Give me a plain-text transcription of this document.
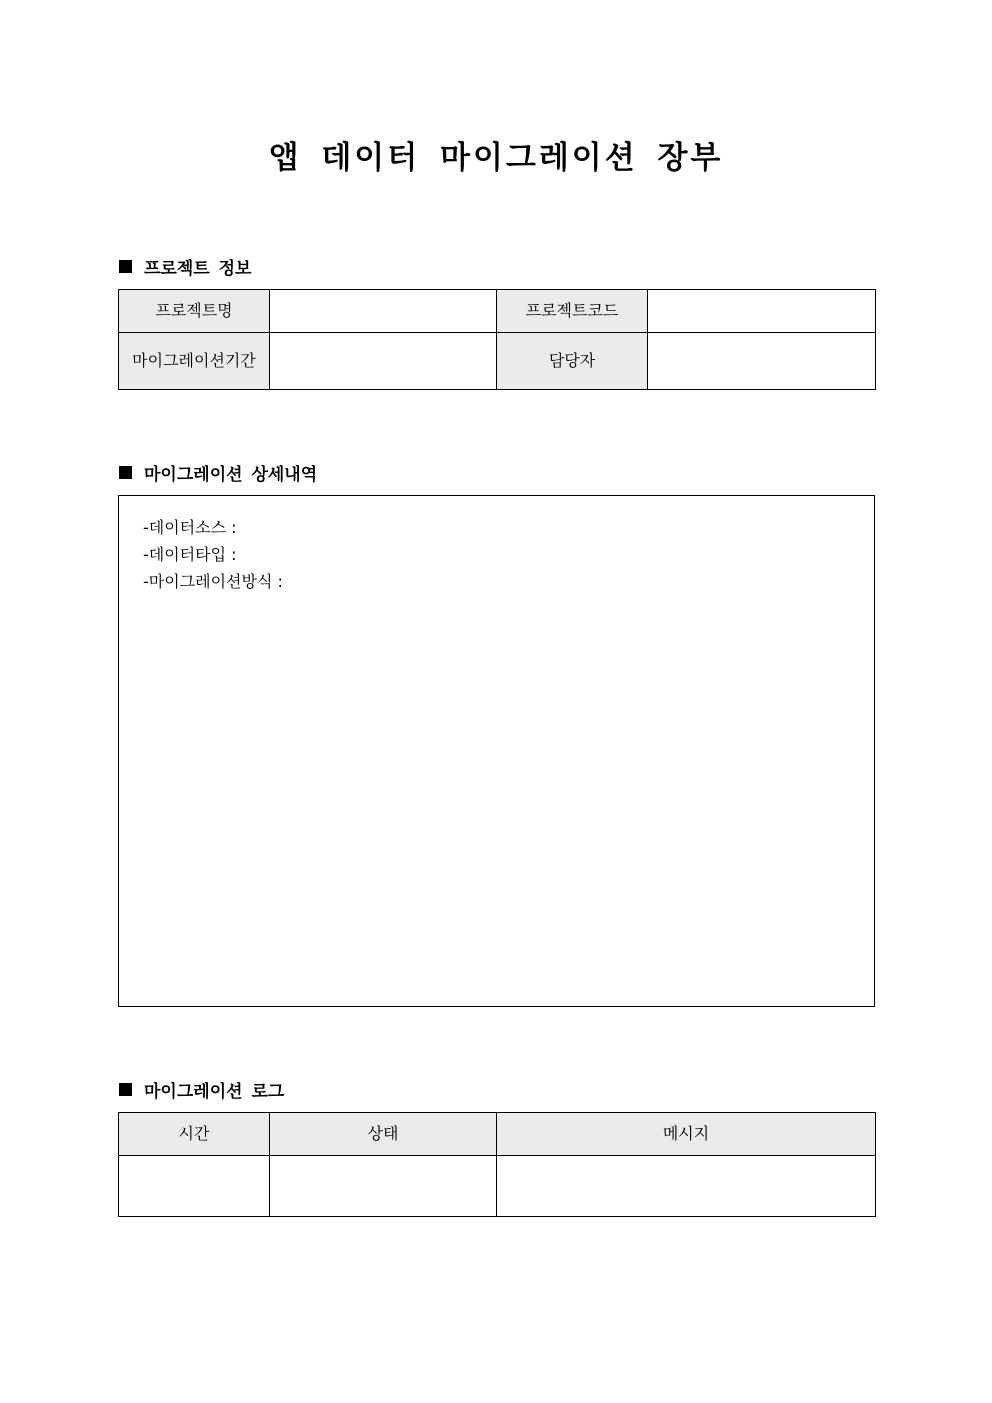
앱 데이터 마이그레이션 장부
프로젝트 정보
프로젝트명		프로젝트코드	
마이그레이션기간		담당자	
마이그레이션 상세내역
-데이터소스 :
-데이터타입 :
-마이그레이션방식 :
마이그레이션 로그
시간	상태	메시지
